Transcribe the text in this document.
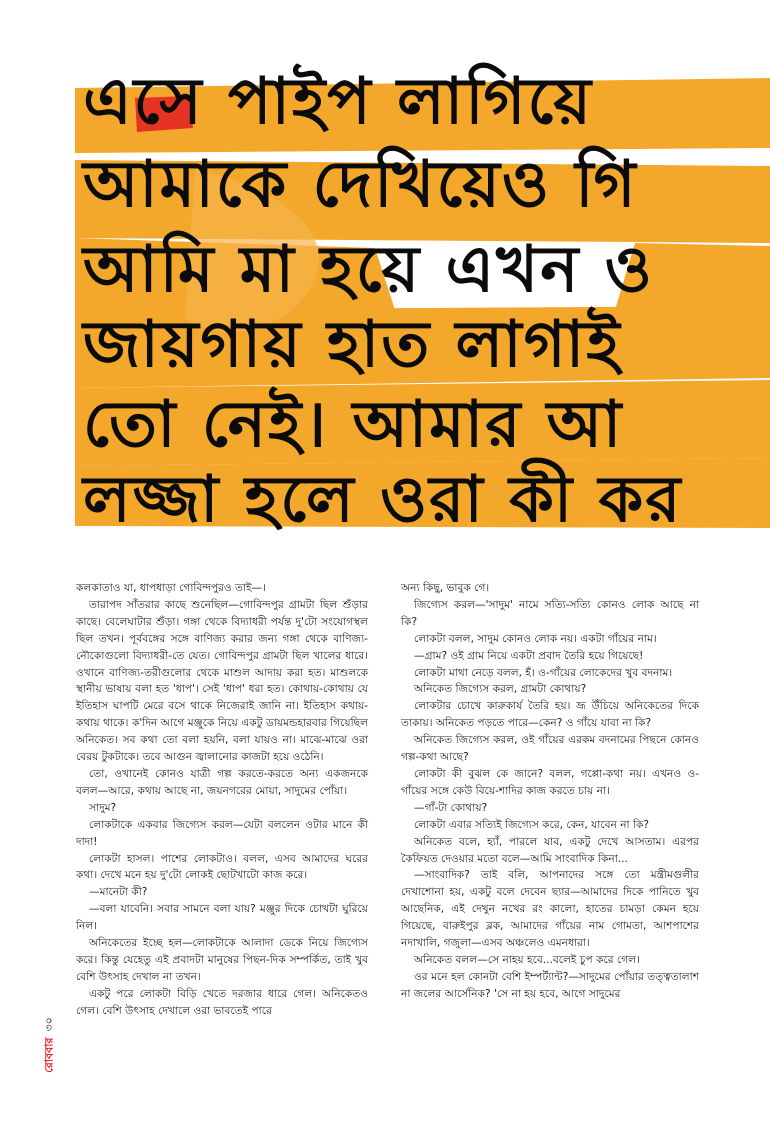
এসে পাইপ লাগিয়ে
আমাকে দেখিয়েও গি
আমি মা হয়ে এখন ও
জায়গায় হাত লাগাই
তো নেই। আমার আ
লজ্জা হলে ওরা কী কর

কলকাতাও যা, ধাপধাড়া গোবিন্দপুরও তাই—।

তারাপদ সাঁতরার কাছে শুনেছিল—গোবিন্দপুর গ্রামটা ছিল শুঁড়ার কাছে। বেলেঘাটার শুঁড়া। গঙ্গা থেকে বিদ্যাধরী পর্যন্ত দু'টো সংযোগস্থল ছিল তখন। পূর্ববঙ্গের সঙ্গে বাণিজ্য করার জন্য গঙ্গা থেকে বাণিজ্য-নৌকোগুলো বিদ্যাধরী-তে যেত। গোবিন্দপুর গ্রামটা ছিল খালের ধারে। ওখানে বাণিজ্য-তরীগুলোর থেকে মাশুল আদায় করা হত। মাশুলকে স্থানীয় ভাষায় বলা হত 'ধাপ'। সেই 'ধাপ' ধরা হত। কোথায়-কোথায় যে ইতিহাস ঘাপটি মেরে বসে থাকে নিজেরাই জানি না। ইতিহাস কথায়-কথায় থাকে। ক'দিন আগে মঞ্জুকে নিয়ে একটু ডায়মন্ডহারবার গিয়েছিল অনিকেত। সব কথা তো বলা হয়নি, বলা যায়ও না। মাঝে-মাঝে ওরা বেরয় টুকটাকে। তবে আগুন জ্বালানোর কাজটা হয়ে ওঠেনি।

তো, ওখানেই কোনও যাত্রী গল্প করতে-করতে অন্য একজনকে বলল—আরে, কথায় আছে না, জয়নগরের মোয়া, সাদুমের পোঁয়া।

সাদুম?

লোকটাকে একবার জিগ্যেস করল—যেটা বললেন ওটার মানে কী দাদা!

লোকটা হাসল। পাশের লোকটাও। বলল, এসব আমাদের ঘরের কথা। দেখে মনে হয় দু'টো লোকই ছোটখাটো কাজ করে।

—মানেটা কী?

—বলা যাবেনি। সবার সামনে বলা যায়? মঞ্জুর দিকে চোখটা ঘুরিয়ে নিল।

অনিকেতের ইচ্ছে হল—লোকটাকে আলাদা ডেকে নিয়ে জিগ্যেস করে। কিন্তু যেহেতু এই প্রবাদটা মানুষের পিছন-দিক সম্পর্কিত, তাই খুব বেশি উৎসাহ দেখাল না তখন।

একটু পরে লোকটা বিড়ি খেতে দরজার ধারে গেল। অনিকেতও গেল। বেশি উৎসাহ দেখালে ওরা ভাবতেই পারে

অন্য কিছু, ভাবুক গে।

জিগ্যেস করল—'সাদুম' নামে সত্যি-সত্যি কোনও লোক আছে না কি?

লোকটা বলল, সাদুম কোনও লোক নয়। একটা গাঁয়ের নাম।

—গ্রাম? ওই গ্রাম নিয়ে একটা প্রবাদ তৈরি হয়ে গিয়েছে!

লোকটা মাথা নেড়ে বলল, হঁ। ও-গাঁয়ের লোকেদের খুব বদনাম।

অনিকেত জিগ্যেস করল, গ্রামটা কোথায়?

লোকটার চোখে কারুকার্য তৈরি হয়। ভ্রূ উঁচিয়ে অনিকেতের দিকে তাকায়। অনিকেত পড়তে পারে—কেন? ও গাঁয়ে যাবা না কি?

অনিকেত জিগ্যেস করল, ওই গাঁয়ের এরকম বদনামের পিছনে কোনও গল্প-কথা আছে?

লোকটা কী বুঝল কে জানে? বলল, গপ্পো-কথা নয়। এখনও ও-গাঁয়ের সঙ্গে কেউ বিয়ে-শাদির কাজ করতে চায় না।

—গাঁ-টা কোথায়?

লোকটা এবার সত্যিই জিগ্যেস করে, কেন, যাবেন না কি?

অনিকেত বলে, হ্যাঁ, পারলে যাব, একটু দেখে আসতাম। এরপর কৈফিয়ত দেওয়ার মতো বলে—আমি সাংবাদিক কিনা...

—সাংবাদিক? তাই বলি, আপনাদের সঙ্গে তো মন্ত্রীমগুলীর দেখাশোনা হয়, একটু বলে দেবেন ছ্যার—আমাদের দিকে পানিতে খুব আছেনিক, এই দেখুন নখের রং কালো, হাতের চামড়া কেমন হয়ে গিয়েছে, বারুইপুর ব্লক, আমাদের গাঁয়ের নাম গোমতা, আশপাশের নদাখালি, গজুলা—এসব অঞ্চলেও এমনধারা।

অনিকেত বলল—সে নাহয় হবে...বলেই চুপ করে গেল।

ওর মনে হল কোনটা বেশি ইম্পর্ট্যান্ট?—সাদুমের পোঁয়ার তত্ত্বতালাশ না জলের আর্সেনিক? 'সে না হয় হবে, আগে সাদুমের

রোববার৩০
